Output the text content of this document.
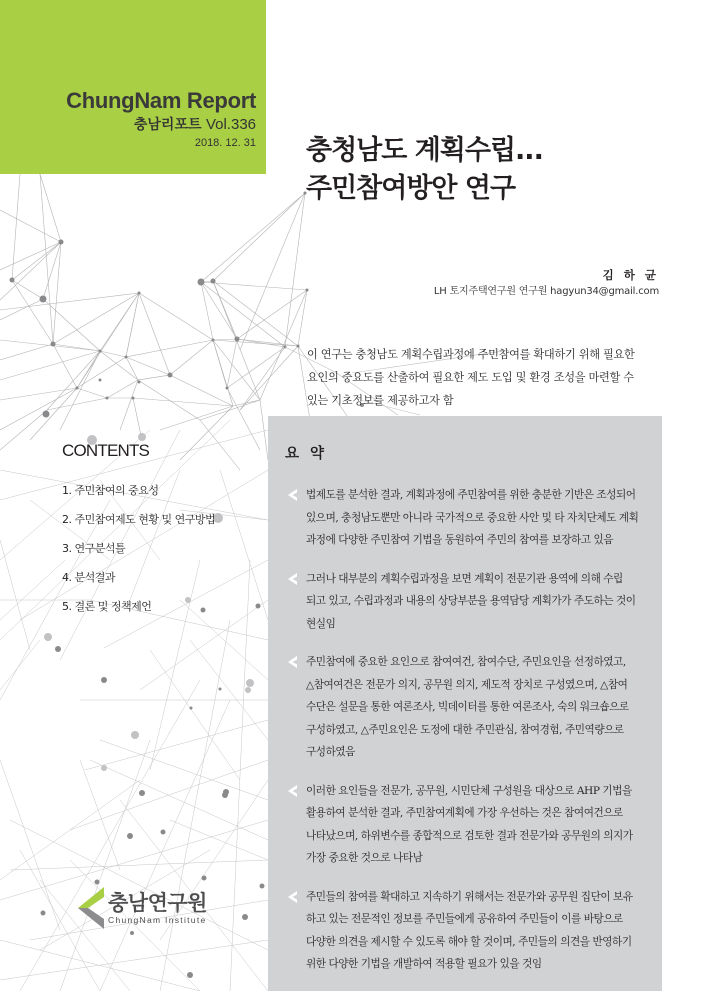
ChungNam Report
충남리포트 Vol.336
2018. 12. 31 충청남도 계획수립...
주민참여방안 연구
김 하 균
LH 토지주택연구원 연구원 hagyun34@gmail.com
이 연구는 충청남도 계획수립과정에 주민참여를 확대하기 위해 필요한
요인의 중요도를 산출하여 필요한 제도 도입 및 환경 조성을 마련할 수
있는 기초정보를 제공하고자 함
CONTENTS
1. 주민참여의 중요성
2. 주민참여제도 현황 및 연구방법
3. 연구분석틀
4. 분석결과
5. 결론 및 정책제언
요 약
법제도를 분석한 결과, 계획과정에 주민참여를 위한 충분한 기반은 조성되어
있으며, 충청남도뿐만 아니라 국가적으로 중요한 사안 및 타 자치단체도 계획
과정에 다양한 주민참여 기법을 동원하여 주민의 참여를 보장하고 있음
그러나 대부분의 계획수립과정을 보면 계획이 전문기관 용역에 의해 수립
되고 있고, 수립과정과 내용의 상당부분을 용역담당 계획가가 주도하는 것이
현실임
주민참여에 중요한 요인으로 참여여건, 참여수단, 주민요인을 선정하였고,
△참여여건은 전문가 의지, 공무원 의지, 제도적 장치로 구성였으며, △참여
수단은 설문을 통한 여론조사, 빅데이터를 통한 여론조사, 숙의 워크숍으로
구성하였고, △주민요인은 도정에 대한 주민관심, 참여경험, 주민역량으로
구성하였음
이러한 요인들을 전문가, 공무원, 시민단체 구성원을 대상으로 AHP 기법을
활용하여 분석한 결과, 주민참여계획에 가장 우선하는 것은 참여여건으로
나타났으며, 하위변수를 종합적으로 검토한 결과 전문가와 공무원의 의지가
가장 중요한 것으로 나타남
주민들의 참여를 확대하고 지속하기 위해서는 전문가와 공무원 집단이 보유
하고 있는 전문적인 정보를 주민들에게 공유하여 주민들이 이를 바탕으로
다양한 의견을 제시할 수 있도록 해야 할 것이며, 주민들의 의견을 반영하기
위한 다양한 기법을 개발하여 적용할 필요가 있을 것임
충남연구원
ChungNam Institute
